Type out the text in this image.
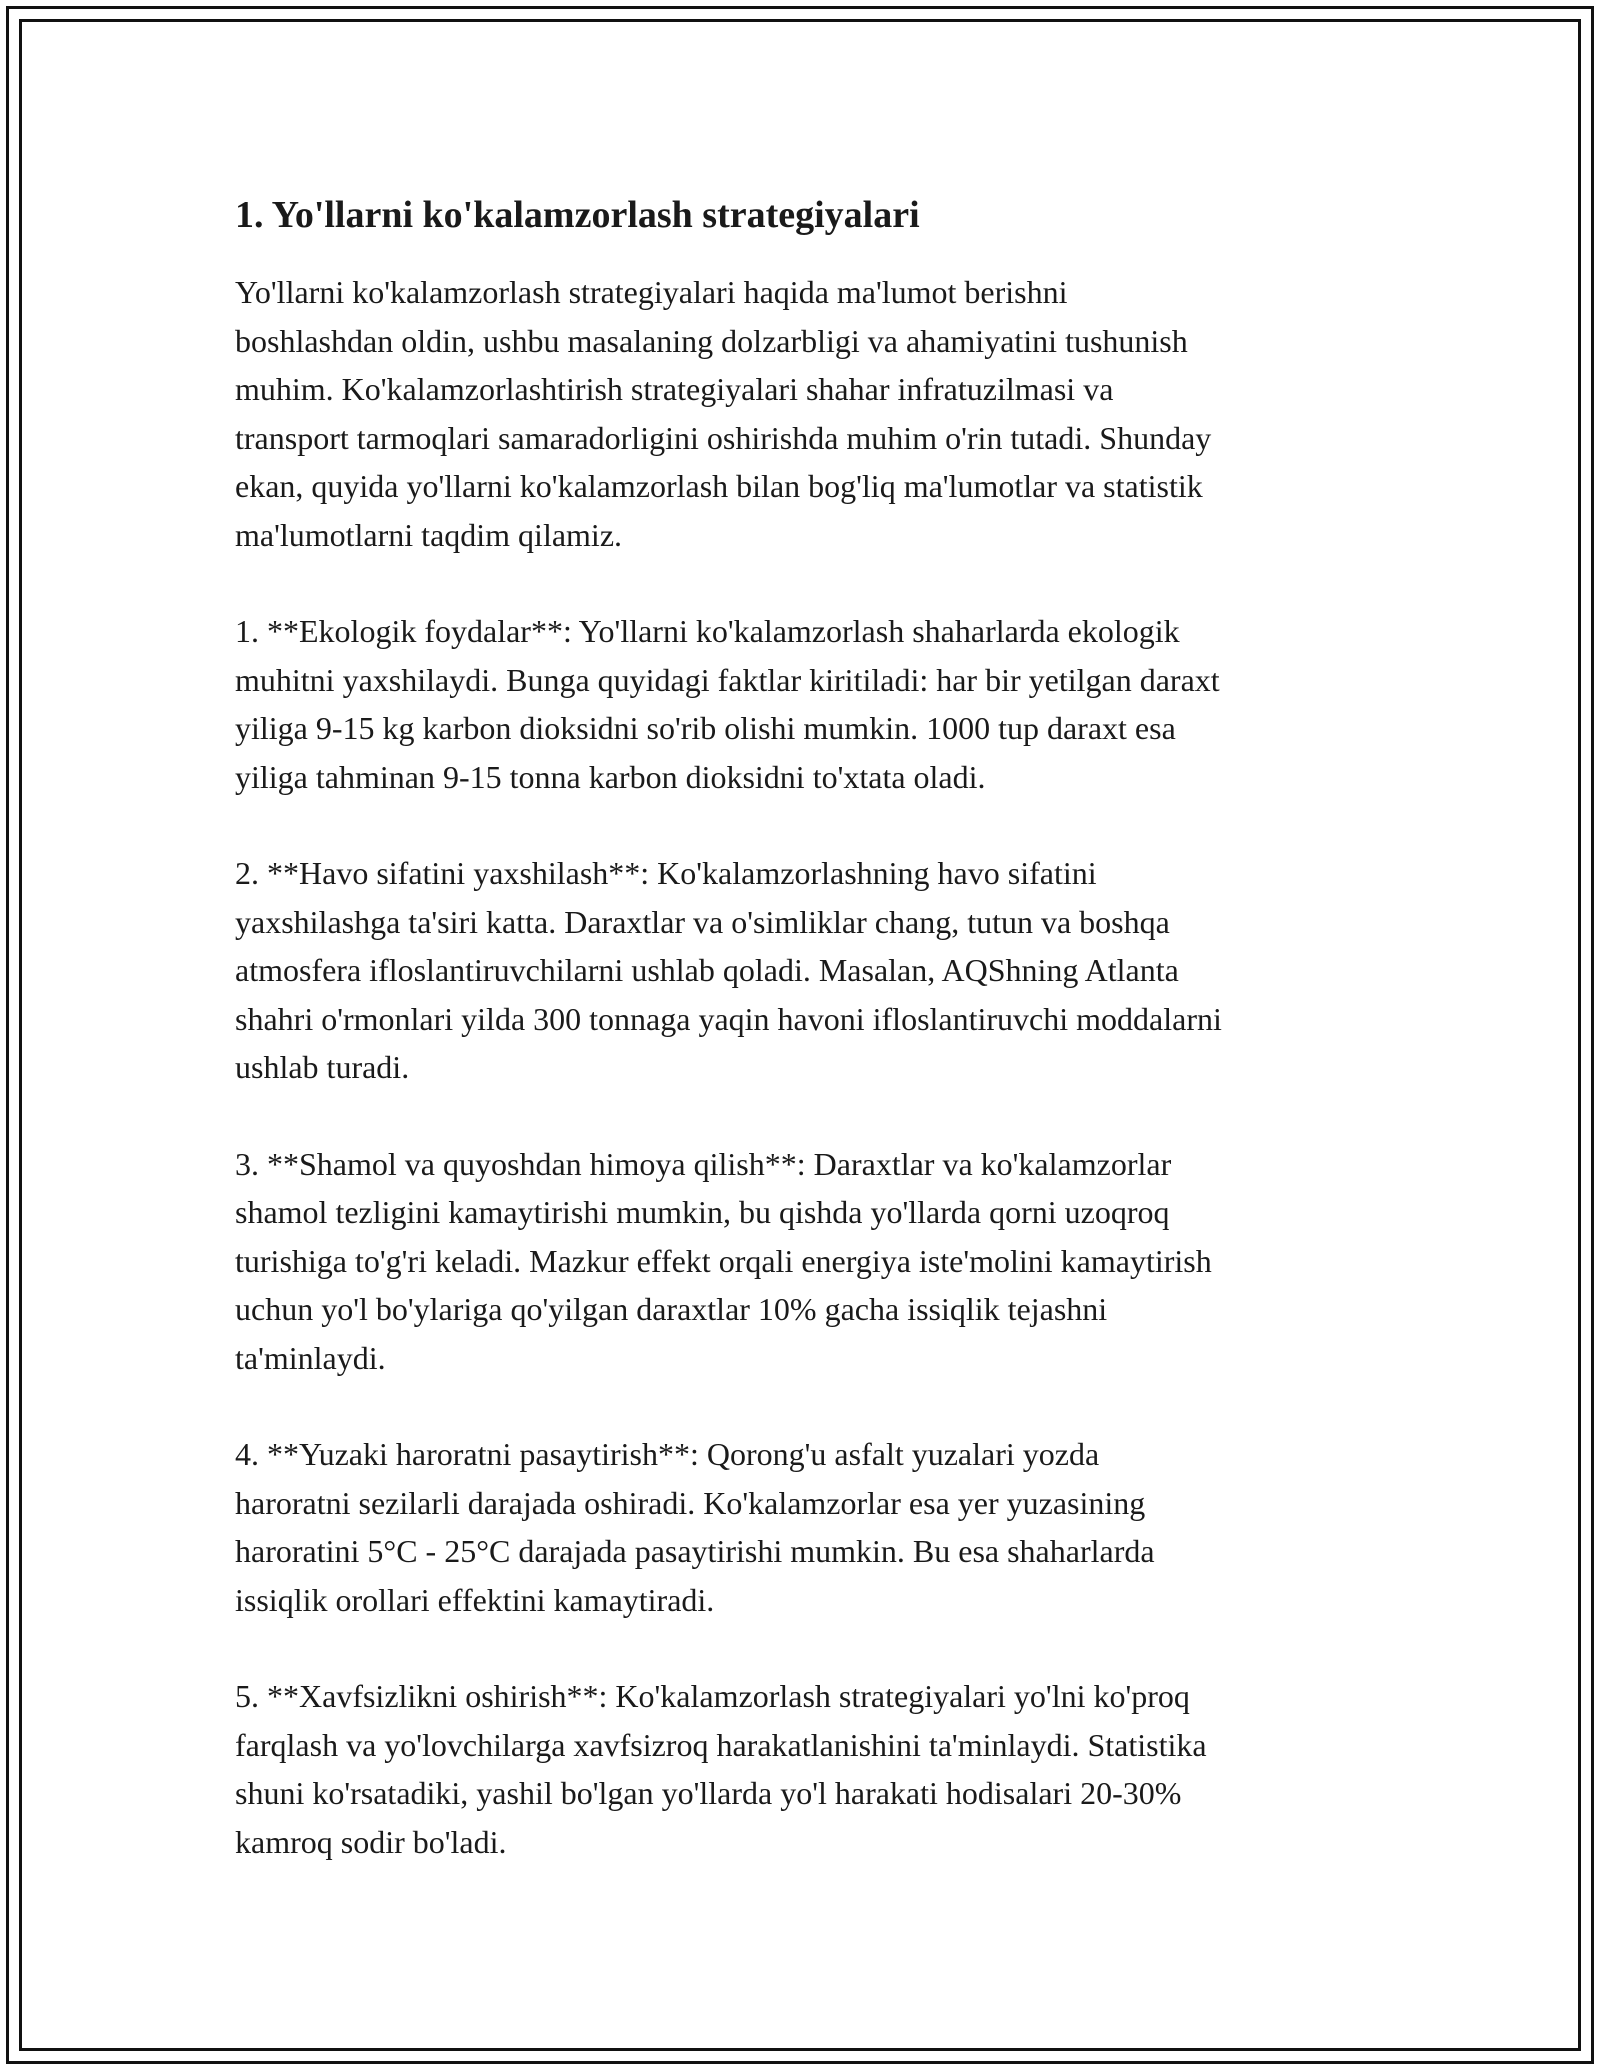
1. Yo'llarni ko'kalamzorlash strategiyalari

Yo'llarni ko'kalamzorlash strategiyalari haqida ma'lumot berishni
boshlashdan oldin, ushbu masalaning dolzarbligi va ahamiyatini tushunish
muhim. Ko'kalamzorlashtirish strategiyalari shahar infratuzilmasi va
transport tarmoqlari samaradorligini oshirishda muhim o'rin tutadi. Shunday
ekan, quyida yo'llarni ko'kalamzorlash bilan bog'liq ma'lumotlar va statistik
ma'lumotlarni taqdim qilamiz.

1. **Ekologik foydalar**: Yo'llarni ko'kalamzorlash shaharlarda ekologik
muhitni yaxshilaydi. Bunga quyidagi faktlar kiritiladi: har bir yetilgan daraxt
yiliga 9-15 kg karbon dioksidni so'rib olishi mumkin. 1000 tup daraxt esa
yiliga tahminan 9-15 tonna karbon dioksidni to'xtata oladi.

2. **Havo sifatini yaxshilash**: Ko'kalamzorlashning havo sifatini
yaxshilashga ta'siri katta. Daraxtlar va o'simliklar chang, tutun va boshqa
atmosfera ifloslantiruvchilarni ushlab qoladi. Masalan, AQShning Atlanta
shahri o'rmonlari yilda 300 tonnaga yaqin havoni ifloslantiruvchi moddalarni
ushlab turadi.

3. **Shamol va quyoshdan himoya qilish**: Daraxtlar va ko'kalamzorlar
shamol tezligini kamaytirishi mumkin, bu qishda yo'llarda qorni uzoqroq
turishiga to'g'ri keladi. Mazkur effekt orqali energiya iste'molini kamaytirish
uchun yo'l bo'ylariga qo'yilgan daraxtlar 10% gacha issiqlik tejashni
ta'minlaydi.

4. **Yuzaki haroratni pasaytirish**: Qorong'u asfalt yuzalari yozda
haroratni sezilarli darajada oshiradi. Ko'kalamzorlar esa yer yuzasining
haroratini 5°C - 25°C darajada pasaytirishi mumkin. Bu esa shaharlarda
issiqlik orollari effektini kamaytiradi.

5. **Xavfsizlikni oshirish**: Ko'kalamzorlash strategiyalari yo'lni ko'proq
farqlash va yo'lovchilarga xavfsizroq harakatlanishini ta'minlaydi. Statistika
shuni ko'rsatadiki, yashil bo'lgan yo'llarda yo'l harakati hodisalari 20-30%
kamroq sodir bo'ladi.
